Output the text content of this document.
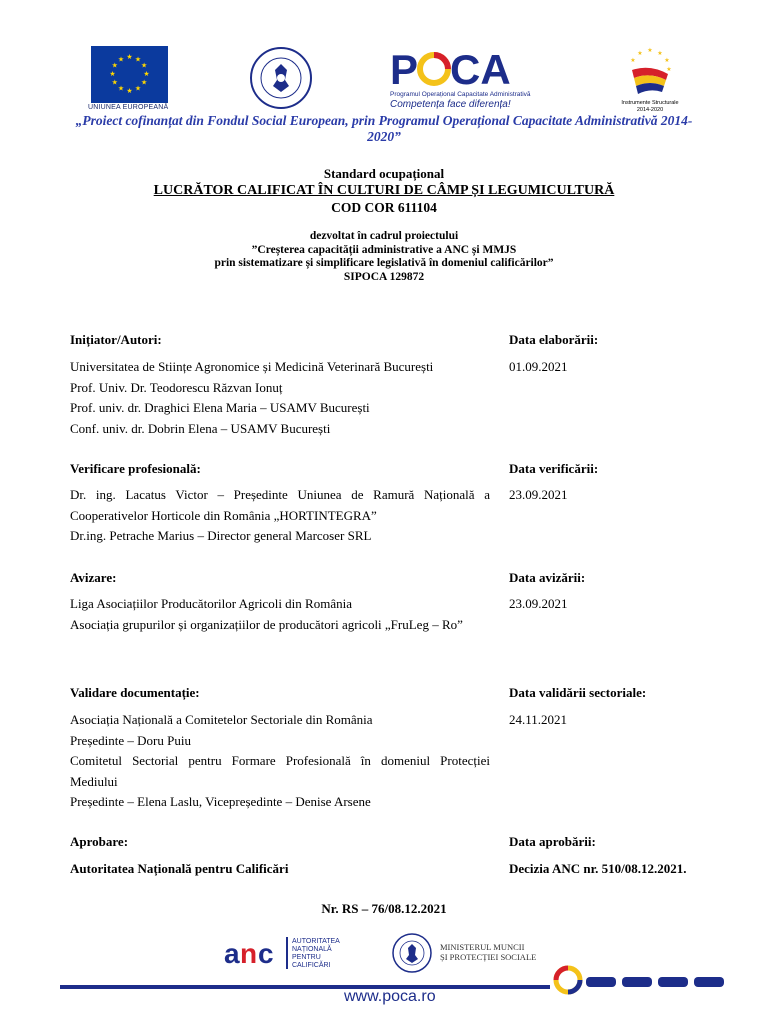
★ ★
★
★
★
★
★
★
★
★
★
★
UNIUNEA EUROPEANĂ
P CA
Programul Operațional Capacitate Administrativă
Competența face diferența!
★ ★
★
★
★
★
Instrumente Structurale
2014-2020
„Proiect cofinanțat din Fondul Social European, prin Programul Operațional Capacitate Administrativă 2014-2020”
Standard ocupațional
LUCRĂTOR CALIFICAT ÎN CULTURI DE CÂMP ȘI LEGUMICULTURĂ
COD COR 611104
dezvoltat în cadrul proiectului
”Creșterea capacității administrative a ANC și MMJS
prin sistematizare și simplificare legislativă în domeniul calificărilor”
SIPOCA 129872
Inițiator/Autori:	Data elaborării:
Universitatea de Stiințe Agronomice și Medicină Veterinară București
Prof. Univ. Dr. Teodorescu Răzvan Ionuț
Prof. univ. dr. Draghici Elena Maria – USAMV București
Conf. univ. dr. Dobrin Elena – USAMV București
01.09.2021
Verificare profesională:	Data verificării:
Dr. ing. Lacatus Victor – Președinte Uniunea de Ramură Națională a Cooperativelor Horticole din România „HORTINTEGRA”
Dr.ing. Petrache Marius – Director general Marcoser SRL
23.09.2021
Avizare:	Data avizării:
Liga Asociațiilor Producătorilor Agricoli din România
Asociația grupurilor și organizațiilor de producători agricoli „FruLeg – Ro”
23.09.2021
Validare documentație:	Data validării sectoriale:
Asociația Națională a Comitetelor Sectoriale din România
Președinte – Doru Puiu
Comitetul Sectorial pentru Formare Profesională în domeniul Protecției Mediului
Președinte – Elena Laslu, Vicepreședinte – Denise Arsene
24.11.2021
Aprobare:	Data aprobării:
Autoritatea Națională pentru Calificări	Decizia ANC nr. 510/08.12.2021.
Nr. RS – 76/08.12.2021
a n c	AUTORITATEA
NAȚIONALĂ
PENTRU
CALIFICĂRI
MINISTERUL MUNCII
ȘI PROTECȚIEI SOCIALE
www.poca.ro
